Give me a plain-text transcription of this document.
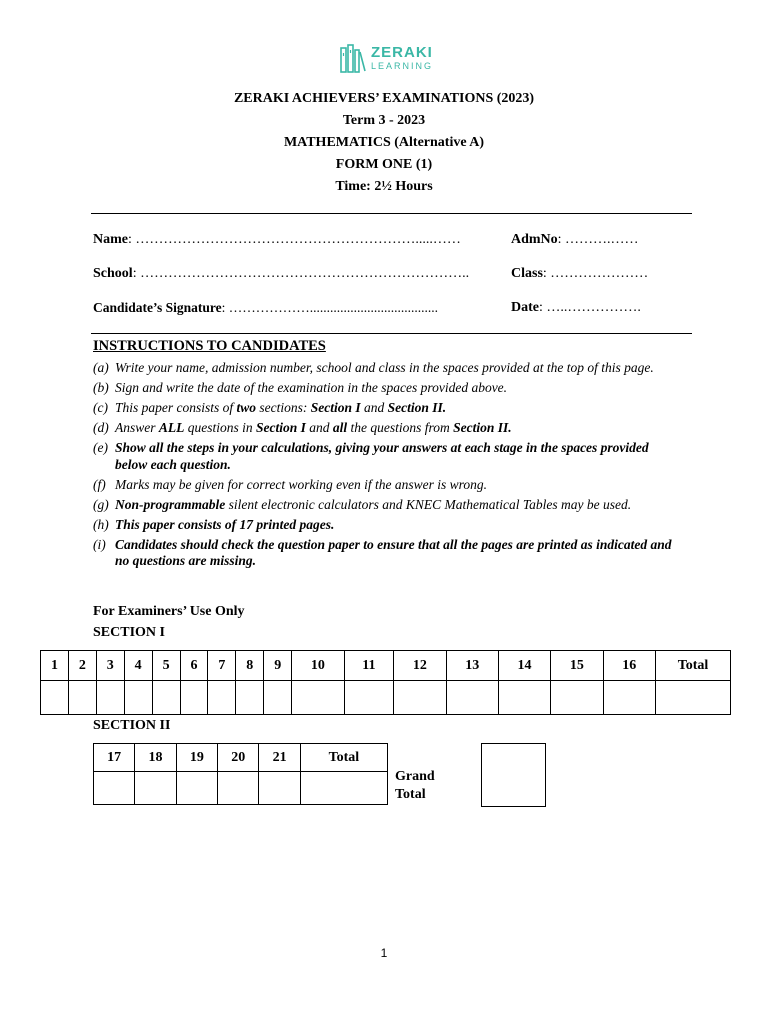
ZERAKI
LEARNING
ZERAKI ACHIEVERS’ EXAMINATIONS (2023)
Term 3 - 2023
MATHEMATICS (Alternative A)
FORM ONE (1)
Time: 2½ Hours
Name: …………………………………………………….....……	AdmNo: ……….……
School: ……………………………………………………………..	Class: …………………
Candidate’s Signature: ………………......................................	Date: …..…………….
INSTRUCTIONS TO CANDIDATES
(a) Write your name, admission number, school and class in the spaces provided at the top of this page.
(b) Sign and write the date of the examination in the spaces provided above.
(c) This paper consists of two sections: Section I and Section II.
(d) Answer ALL questions in Section I and all the questions from Section II.
(e) Show all the steps in your calculations, giving your answers at each stage in the spaces provided below each question.
(f) Marks may be given for correct working even if the answer is wrong.
(g) Non-programmable silent electronic calculators and KNEC Mathematical Tables may be used.
(h) This paper consists of 17 printed pages.
(i) Candidates should check the question paper to ensure that all the pages are printed as indicated and no questions are missing.
For Examiners’ Use Only
SECTION I
1	2	3	4	5	6	7	8	9	10	11	12	13	14	15	16	Total

SECTION II
17	18	19	20	21	Total

Grand
Total
1
